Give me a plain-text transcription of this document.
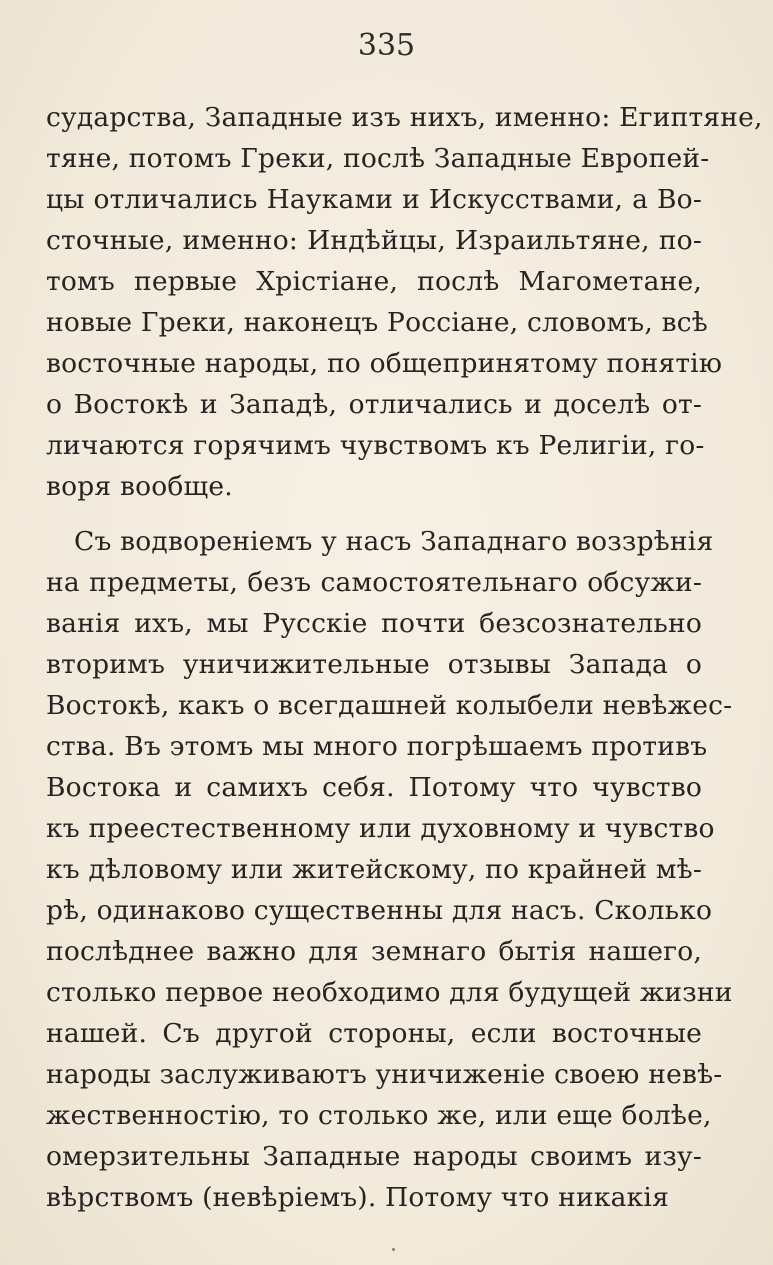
335
сударства, Западные изъ нихъ, именно: Египтяне,
тяне, потомъ Греки, послѣ Западные Европей-
цы отличались Науками и Искусствами, а Во-
сточные, именно: Индѣйцы, Израильтяне, по-
томъ первые Хрістіане, послѣ Магометане,
новые Греки, наконецъ Россіане, словомъ, всѣ
восточные народы, по общепринятому понятію
о Востокѣ и Западѣ, отличались и доселѣ от-
личаются горячимъ чувствомъ къ Религіи, го-
воря вообще.
Съ водвореніемъ у насъ Западнаго воззрѣнія
на предметы, безъ самостоятельнаго обсужи-
ванія ихъ, мы Русскіе почти безсознательно
вторимъ уничижительные отзывы Запада о
Востокѣ, какъ о всегдашней колыбели невѣжес-
ства. Въ этомъ мы много погрѣшаемъ противъ
Востока и самихъ себя. Потому что чувство
къ преестественному или духовному и чувство
къ дѣловому или житейскому, по крайней мѣ-
рѣ, одинаково существенны для насъ. Сколько
послѣднее важно для земнаго бытія нашего,
столько первое необходимо для будущей жизни
нашей. Съ другой стороны, если восточные
народы заслуживаютъ уничиженіе своею невѣ-
жественностію, то столько же, или еще болѣе,
омерзительны Западные народы своимъ изу-
вѣрствомъ (невѣріемъ). Потому что никакія
